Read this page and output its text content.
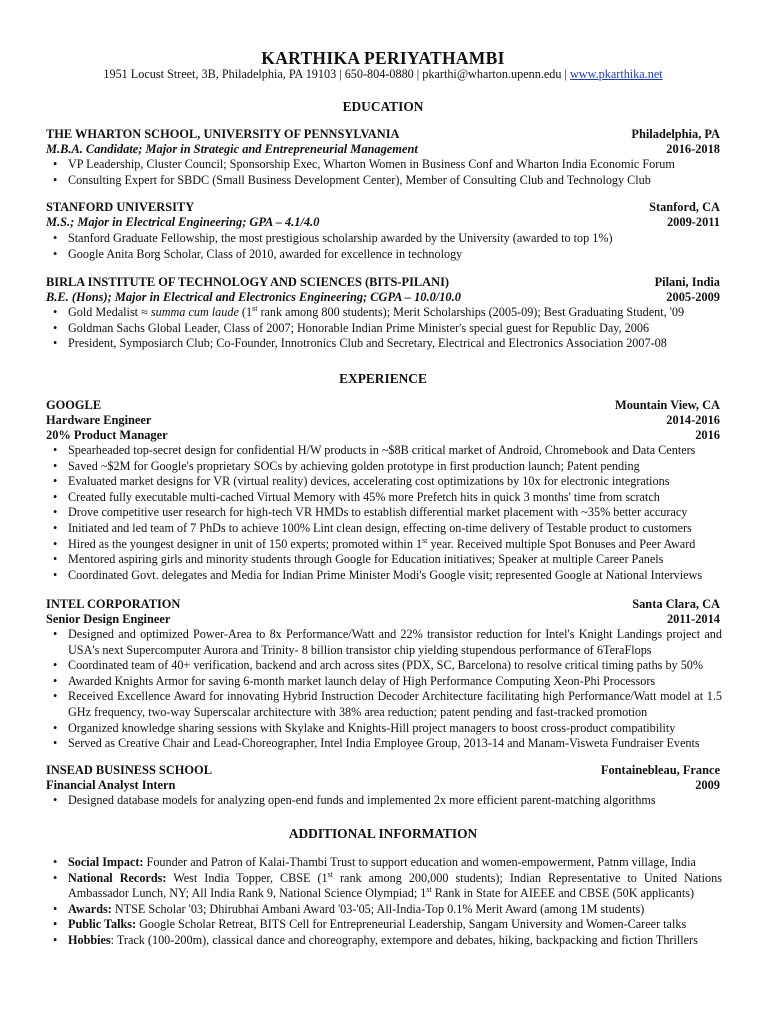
KARTHIKA PERIYATHAMBI
1951 Locust Street, 3B, Philadelphia, PA 19103 | 650-804-0880 | pkarthi@wharton.upenn.edu | www.pkarthika.net
EDUCATION
THE WHARTON SCHOOL, UNIVERSITY OF PENNSYLVANIA	Philadelphia, PA
M.B.A. Candidate; Major in Strategic and Entrepreneurial Management	2016-2018
• VP Leadership, Cluster Council; Sponsorship Exec, Wharton Women in Business Conf and Wharton India Economic Forum
• Consulting Expert for SBDC (Small Business Development Center), Member of Consulting Club and Technology Club
STANFORD UNIVERSITY	Stanford, CA
M.S.; Major in Electrical Engineering; GPA – 4.1/4.0	2009-2011
• Stanford Graduate Fellowship, the most prestigious scholarship awarded by the University (awarded to top 1%)
• Google Anita Borg Scholar, Class of 2010, awarded for excellence in technology
BIRLA INSTITUTE OF TECHNOLOGY AND SCIENCES (BITS-PILANI)	Pilani, India
B.E. (Hons); Major in Electrical and Electronics Engineering; CGPA – 10.0/10.0	2005-2009
• Gold Medalist ≈ summa cum laude (1st rank among 800 students); Merit Scholarships (2005-09); Best Graduating Student, '09
• Goldman Sachs Global Leader, Class of 2007; Honorable Indian Prime Minister's special guest for Republic Day, 2006
• President, Symposiarch Club; Co-Founder, Innotronics Club and Secretary, Electrical and Electronics Association 2007-08
EXPERIENCE
GOOGLE	Mountain View, CA
Hardware Engineer	2014-2016
20% Product Manager	2016
• Spearheaded top-secret design for confidential H/W products in ~$8B critical market of Android, Chromebook and Data Centers
• Saved ~$2M for Google's proprietary SOCs by achieving golden prototype in first production launch; Patent pending
• Evaluated market designs for VR (virtual reality) devices, accelerating cost optimizations by 10x for electronic integrations
• Created fully executable multi-cached Virtual Memory with 45% more Prefetch hits in quick 3 months' time from scratch
• Drove competitive user research for high-tech VR HMDs to establish differential market placement with ~35% better accuracy
• Initiated and led team of 7 PhDs to achieve 100% Lint clean design, effecting on-time delivery of Testable product to customers
• Hired as the youngest designer in unit of 150 experts; promoted within 1st year. Received multiple Spot Bonuses and Peer Award
• Mentored aspiring girls and minority students through Google for Education initiatives; Speaker at multiple Career Panels
• Coordinated Govt. delegates and Media for Indian Prime Minister Modi's Google visit; represented Google at National Interviews
INTEL CORPORATION	Santa Clara, CA
Senior Design Engineer	2011-2014
• Designed and optimized Power-Area to 8x Performance/Watt and 22% transistor reduction for Intel's Knight Landings project and USA's next Supercomputer Aurora and Trinity- 8 billion transistor chip yielding stupendous performance of 6TeraFlops
• Coordinated team of 40+ verification, backend and arch across sites (PDX, SC, Barcelona) to resolve critical timing paths by 50%
• Awarded Knights Armor for saving 6-month market launch delay of High Performance Computing Xeon-Phi Processors
• Received Excellence Award for innovating Hybrid Instruction Decoder Architecture facilitating high Performance/Watt model at 1.5 GHz frequency, two-way Superscalar architecture with 38% area reduction; patent pending and fast-tracked promotion
• Organized knowledge sharing sessions with Skylake and Knights-Hill project managers to boost cross-product compatibility
• Served as Creative Chair and Lead-Choreographer, Intel India Employee Group, 2013-14 and Manam-Visweta Fundraiser Events
INSEAD BUSINESS SCHOOL	Fontainebleau, France
Financial Analyst Intern	2009
• Designed database models for analyzing open-end funds and implemented 2x more efficient parent-matching algorithms
ADDITIONAL INFORMATION
• Social Impact: Founder and Patron of Kalai-Thambi Trust to support education and women-empowerment, Patnm village, India
• National Records: West India Topper, CBSE (1st rank among 200,000 students); Indian Representative to United Nations Ambassador Lunch, NY; All India Rank 9, National Science Olympiad; 1st Rank in State for AIEEE and CBSE (50K applicants)
• Awards: NTSE Scholar '03; Dhirubhai Ambani Award '03-'05; All-India-Top 0.1% Merit Award (among 1M students)
• Public Talks: Google Scholar Retreat, BITS Cell for Entrepreneurial Leadership, Sangam University and Women-Career talks
• Hobbies: Track (100-200m), classical dance and choreography, extempore and debates, hiking, backpacking and fiction Thrillers
